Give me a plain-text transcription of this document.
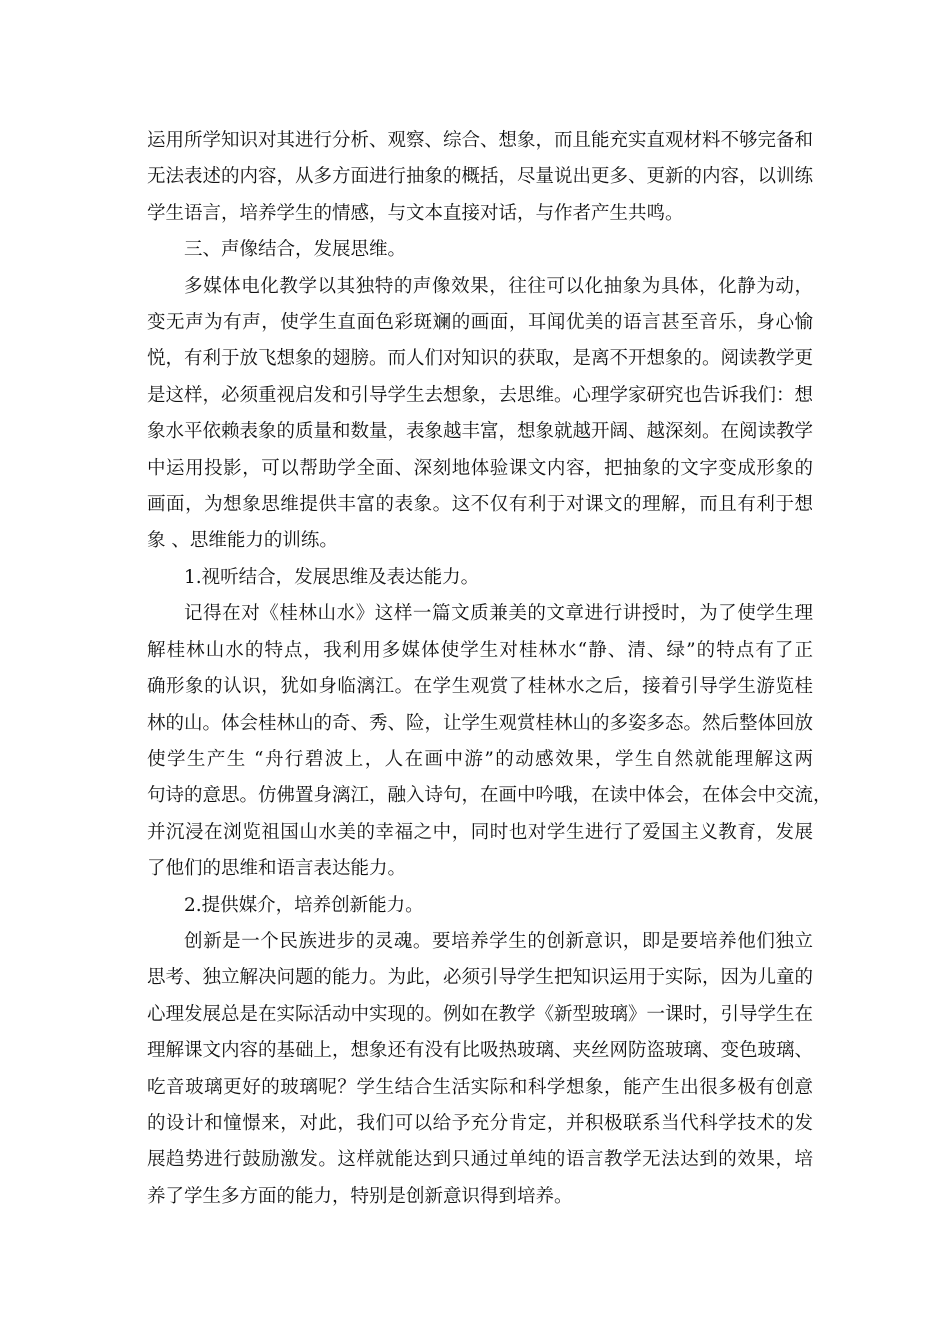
运用所学知识对其进行分析、观察、综合、想象，而且能充实直观材料不够完备和
无法表述的内容，从多方面进行抽象的概括，尽量说出更多、更新的内容，以训练
学生语言，培养学生的情感，与文本直接对话，与作者产生共鸣。
三、声像结合，发展思维。
多媒体电化教学以其独特的声像效果，往往可以化抽象为具体，化静为动，
变无声为有声，使学生直面色彩斑斓的画面，耳闻优美的语言甚至音乐，身心愉
悦，有利于放飞想象的翅膀。而人们对知识的获取，是离不开想象的。阅读教学更
是这样，必须重视启发和引导学生去想象，去思维。心理学家研究也告诉我们：想
象水平依赖表象的质量和数量，表象越丰富，想象就越开阔、越深刻。在阅读教学
中运用投影，可以帮助学全面、深刻地体验课文内容，把抽象的文字变成形象的
画面，为想象思维提供丰富的表象。这不仅有利于对课文的理解，而且有利于想
象 、思维能力的训练。
1.视听结合，发展思维及表达能力。
记得在对《桂林山水》这样一篇文质兼美的文章进行讲授时，为了使学生理
解桂林山水的特点，我利用多媒体使学生对桂林水“静、清、绿”的特点有了正
确形象的认识，犹如身临漓江。在学生观赏了桂林水之后，接着引导学生游览桂
林的山。体会桂林山的奇、秀、险，让学生观赏桂林山的多姿多态。然后整体回放
使学生产生 “舟行碧波上，人在画中游”的动感效果，学生自然就能理解这两
句诗的意思。仿佛置身漓江，融入诗句，在画中吟哦，在读中体会，在体会中交流，
并沉浸在浏览祖国山水美的幸福之中，同时也对学生进行了爱国主义教育，发展
了他们的思维和语言表达能力。
2.提供媒介，培养创新能力。
创新是一个民族进步的灵魂。要培养学生的创新意识，即是要培养他们独立
思考、独立解决问题的能力。为此，必须引导学生把知识运用于实际，因为儿童的
心理发展总是在实际活动中实现的。例如在教学《新型玻璃》一课时，引导学生在
理解课文内容的基础上，想象还有没有比吸热玻璃、夹丝网防盗玻璃、变色玻璃、
吃音玻璃更好的玻璃呢？学生结合生活实际和科学想象，能产生出很多极有创意
的设计和憧憬来，对此，我们可以给予充分肯定，并积极联系当代科学技术的发
展趋势进行鼓励激发。这样就能达到只通过单纯的语言教学无法达到的效果，培
养了学生多方面的能力，特别是创新意识得到培养。
